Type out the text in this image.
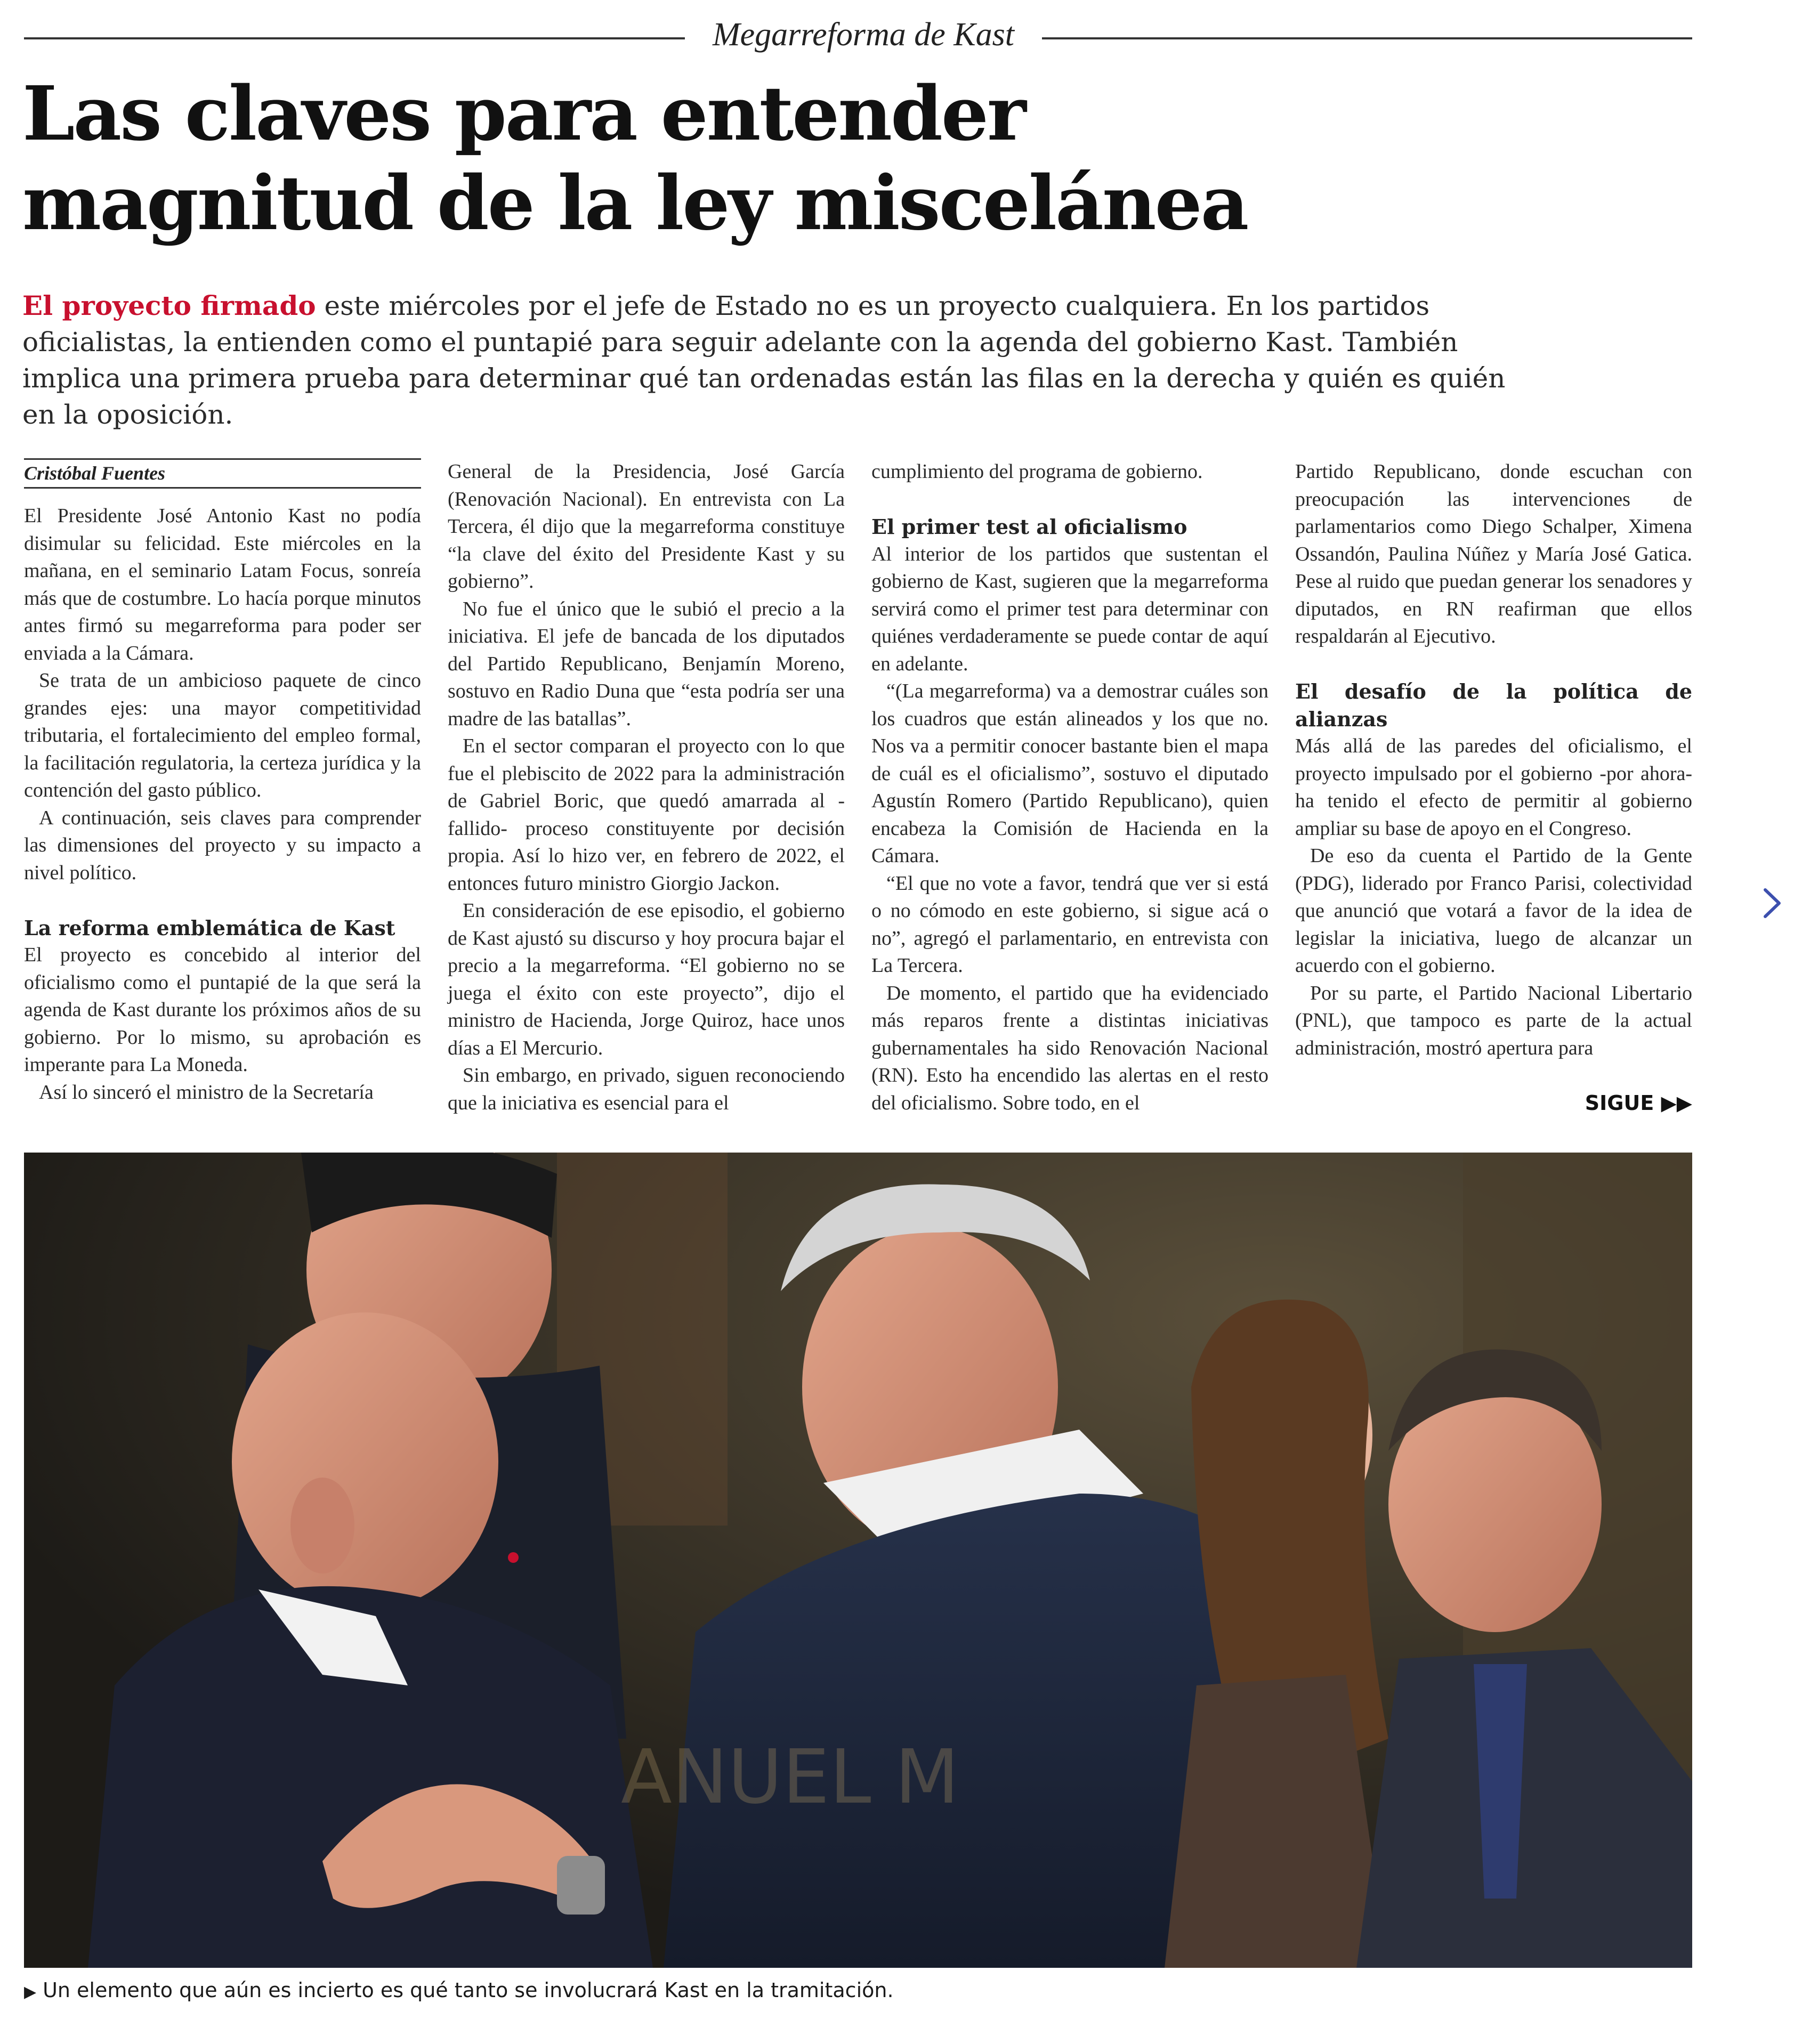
Megarreforma de Kast
Las claves para entender
magnitud de la ley miscelánea
El proyecto firmado este miércoles por el jefe de Estado no es un proyecto cualquiera. En los partidos oficialistas, la entienden como el puntapié para seguir adelante con la agenda del gobierno Kast. También implica una primera prueba para determinar qué tan ordenadas están las filas en la derecha y quién es quién en la oposición.
Cristóbal Fuentes

El Presidente José Antonio Kast no podía disimular su felicidad. Este miércoles en la mañana, en el seminario Latam Focus, sonreía más que de costumbre. Lo hacía porque minutos antes firmó su megarreforma para poder ser enviada a la Cámara.

Se trata de un ambicioso paquete de cinco grandes ejes: una mayor competitividad tributaria, el fortalecimiento del empleo formal, la facilitación regulatoria, la certeza jurídica y la contención del gasto público.

A continuación, seis claves para comprender las dimensiones del proyecto y su impacto a nivel político.

La reforma emblemática de Kast

El proyecto es concebido al interior del oficialismo como el puntapié de la que será la agenda de Kast durante los próximos años de su gobierno. Por lo mismo, su aprobación es imperante para La Moneda.

Así lo sinceró el ministro de la Secretaría

General de la Presidencia, José García (Renovación Nacional). En entrevista con La Tercera, él dijo que la megarreforma constituye “la clave del éxito del Presidente Kast y su gobierno”.

No fue el único que le subió el precio a la iniciativa. El jefe de bancada de los diputados del Partido Republicano, Benjamín Moreno, sostuvo en Radio Duna que “esta podría ser una madre de las batallas”.

En el sector comparan el proyecto con lo que fue el plebiscito de 2022 para la administración de Gabriel Boric, que quedó amarrada al -fallido- proceso constituyente por decisión propia. Así lo hizo ver, en febrero de 2022, el entonces futuro ministro Giorgio Jackon.

En consideración de ese episodio, el gobierno de Kast ajustó su discurso y hoy procura bajar el precio a la megarreforma. “El gobierno no se juega el éxito con este proyecto”, dijo el ministro de Hacienda, Jorge Quiroz, hace unos días a El Mercurio.

Sin embargo, en privado, siguen reconociendo que la iniciativa es esencial para el

cumplimiento del programa de gobierno.

El primer test al oficialismo

Al interior de los partidos que sustentan el gobierno de Kast, sugieren que la megarreforma servirá como el primer test para determinar con quiénes verdaderamente se puede contar de aquí en adelante.

“(La megarreforma) va a demostrar cuáles son los cuadros que están alineados y los que no. Nos va a permitir conocer bastante bien el mapa de cuál es el oficialismo”, sostuvo el diputado Agustín Romero (Partido Republicano), quien encabeza la Comisión de Hacienda en la Cámara.

“El que no vote a favor, tendrá que ver si está o no cómodo en este gobierno, si sigue acá o no”, agregó el parlamentario, en entrevista con La Tercera.

De momento, el partido que ha evidenciado más reparos frente a distintas iniciativas gubernamentales ha sido Renovación Nacional (RN). Esto ha encendido las alertas en el resto del oficialismo. Sobre todo, en el

Partido Republicano, donde escuchan con preocupación las intervenciones de parlamentarios como Diego Schalper, Ximena Ossandón, Paulina Núñez y María José Gatica. Pese al ruido que puedan generar los senadores y diputados, en RN reafirman que ellos respaldarán al Ejecutivo.

El desafío de la política de alianzas

Más allá de las paredes del oficialismo, el proyecto impulsado por el gobierno -por ahora- ha tenido el efecto de permitir al gobierno ampliar su base de apoyo en el Congreso.

De eso da cuenta el Partido de la Gente (PDG), liderado por Franco Parisi, colectividad que anunció que votará a favor de la idea de legislar la iniciativa, luego de alcanzar un acuerdo con el gobierno.

Por su parte, el Partido Nacional Libertario (PNL), que tampoco es parte de la actual administración, mostró apertura para

SIGUE ▶▶
ANUEL M
▶ Un elemento que aún es incierto es qué tanto se involucrará Kast en la tramitación.
